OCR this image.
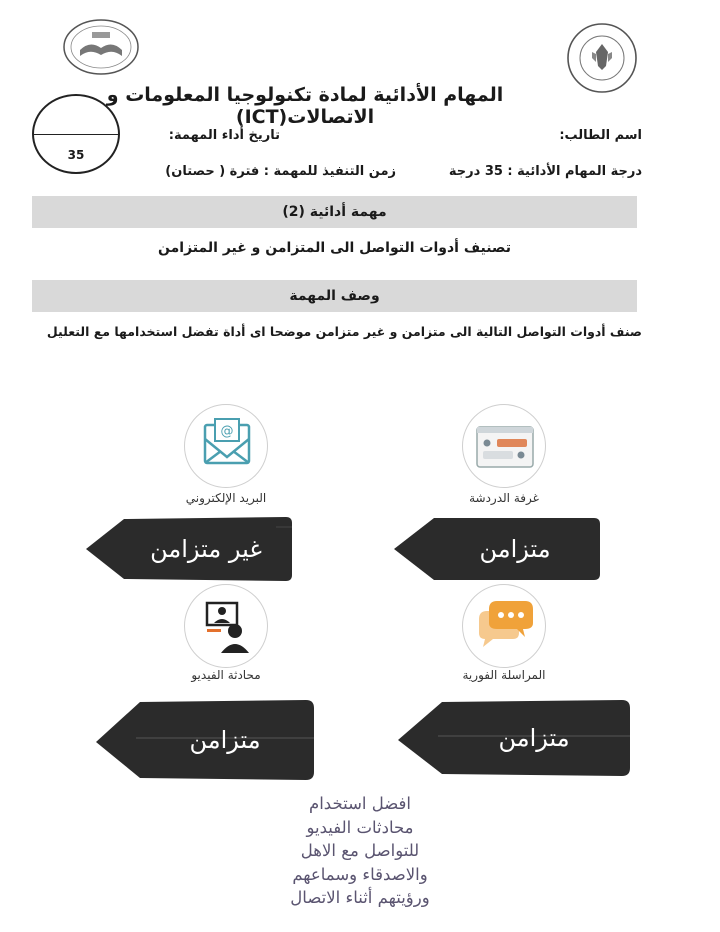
المهام الأدائية لمادة تكنولوجيا المعلومات و الاتصالات(ICT)
35
اسم الطالب:
تاريخ أداء المهمة:
درجة المهام الأدائية : 35 درجة
زمن التنفيذ للمهمة : فترة ( حصتان)
مهمة أدائية (2)
تصنيف أدوات التواصل الى المتزامن و غير المتزامن
وصف المهمة
صنف أدوات التواصل التالية الى متزامن و غير متزامن موضحا اى أداة تفضل استخدامها مع التعليل
@
البريد الإلكتروني	غرفة الدردشة
محادثة الفيديو	المراسلة الفورية
غير متزامن	متزامن
متزامن	متزامن
افضل استخدام
محادثات الفيديو
للتواصل مع الاهل
والاصدقاء وسماعهم
ورؤيتهم أثناء الاتصال
